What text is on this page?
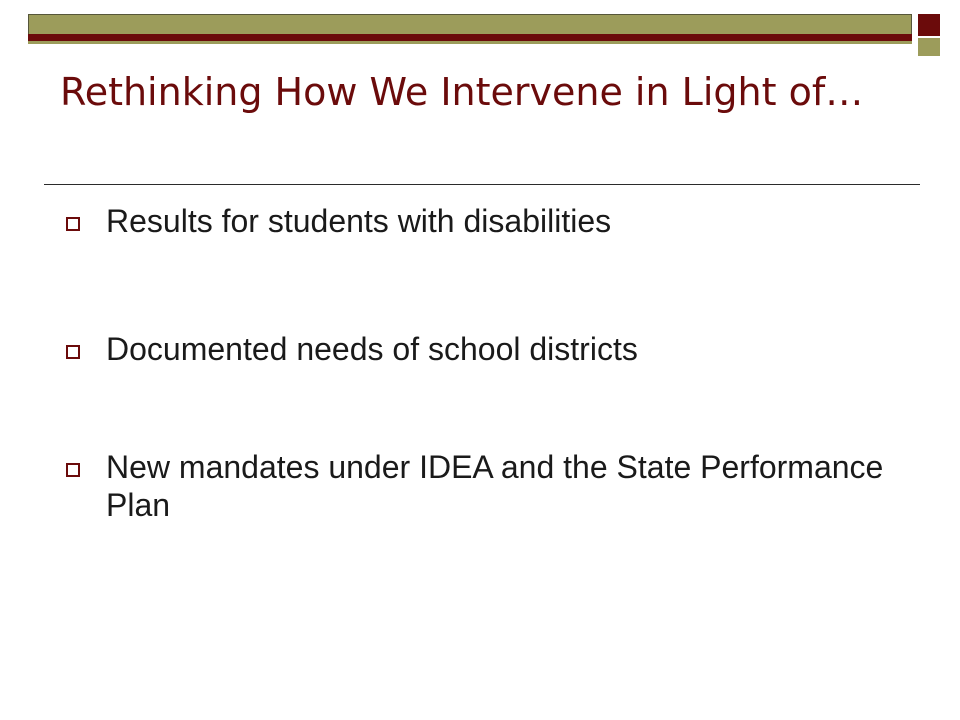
Rethinking How We Intervene in Light of…
Results for students with disabilities
Documented needs of school districts
New mandates under IDEA and the State Performance Plan
